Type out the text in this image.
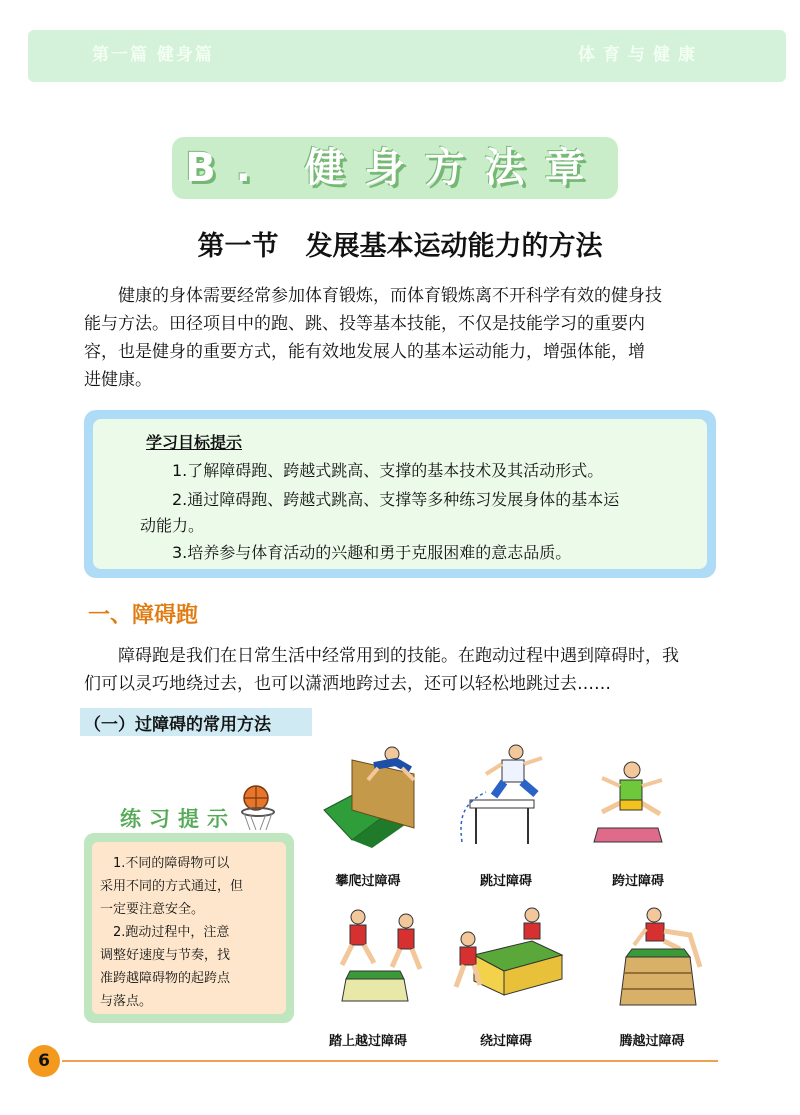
第一篇 健身篇	体育与健康
B. 健身方法章
第一节　发展基本运动能力的方法
健康的身体需要经常参加体育锻炼，而体育锻炼离不开科学有效的健身技
能与方法。田径项目中的跑、跳、投等基本技能，不仅是技能学习的重要内
容，也是健身的重要方式，能有效地发展人的基本运动能力，增强体能，增
进健康。
学习目标提示
1.了解障碍跑、跨越式跳高、支撑的基本技术及其活动形式。
2.通过障碍跑、跨越式跳高、支撑等多种练习发展身体的基本运
动能力。
3.培养参与体育活动的兴趣和勇于克服困难的意志品质。
一、障碍跑
障碍跑是我们在日常生活中经常用到的技能。在跑动过程中遇到障碍时，我
们可以灵巧地绕过去，也可以潇洒地跨过去，还可以轻松地跳过去……
（一）过障碍的常用方法
练习提示
　1.不同的障碍物可以
采用不同的方式通过，但
一定要注意安全。
　2.跑动过程中，注意
调整好速度与节奏，找
准跨越障碍物的起跨点
与落点。
攀爬过障碍	跳过障碍	跨过障碍
踏上越过障碍	绕过障碍	腾越过障碍
6
